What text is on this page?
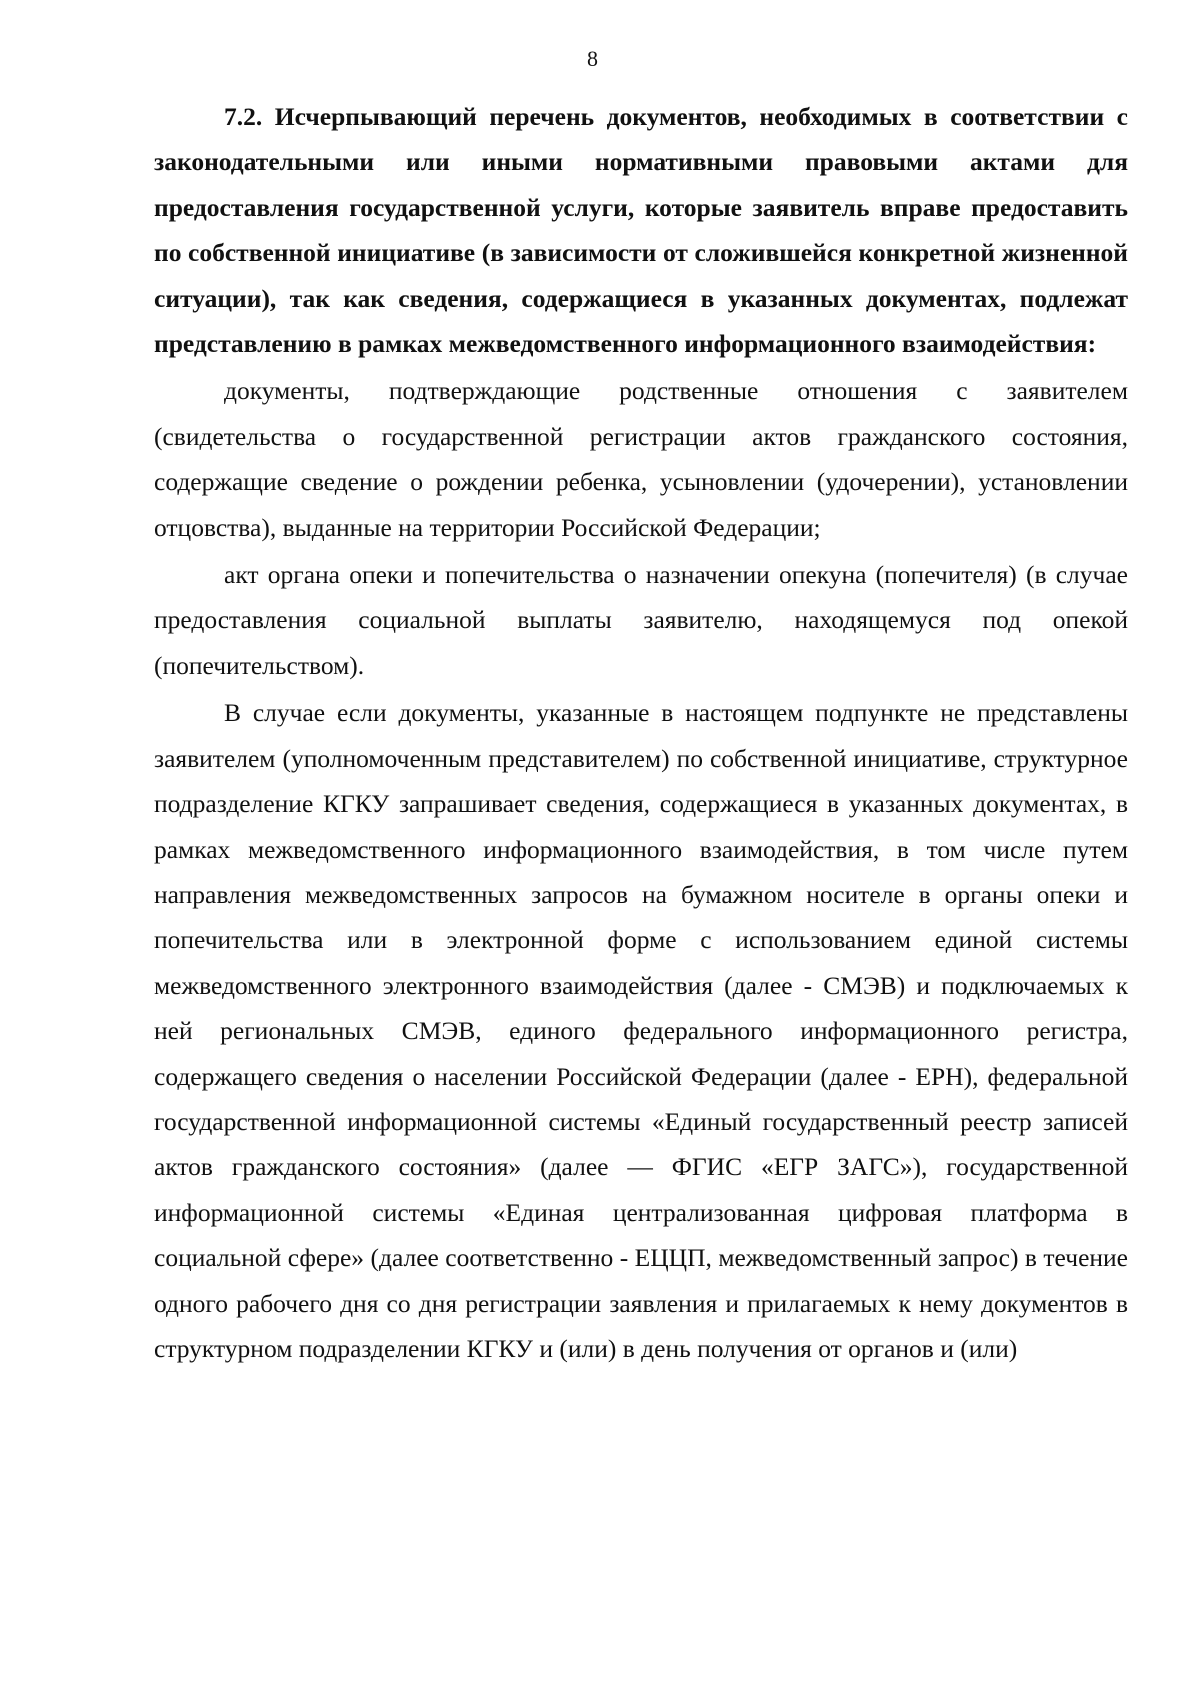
8

7.2. Исчерпывающий перечень документов, необходимых в соответствии с законодательными или иными нормативными правовыми актами для предоставления государственной услуги, которые заявитель вправе предоставить по собственной инициативе (в зависимости от сложившейся конкретной жизненной ситуации), так как сведения, содержащиеся в указанных документах, подлежат представлению в рамках межведомственного информационного взаимодействия:

документы, подтверждающие родственные отношения с заявителем (свидетельства о государственной регистрации актов гражданского состояния, содержащие сведение о рождении ребенка, усыновлении (удочерении), установлении отцовства), выданные на территории Российской Федерации;

акт органа опеки и попечительства о назначении опекуна (попечителя) (в случае предоставления социальной выплаты заявителю, находящемуся под опекой (попечительством).

В случае если документы, указанные в настоящем подпункте не представлены заявителем (уполномоченным представителем) по собственной инициативе, структурное подразделение КГКУ запрашивает сведения, содержащиеся в указанных документах, в рамках межведомственного информационного взаимодействия, в том числе путем направления межведомственных запросов на бумажном носителе в органы опеки и попечительства или в электронной форме с использованием единой системы межведомственного электронного взаимодействия (далее - СМЭВ) и подключаемых к ней региональных СМЭВ, единого федерального информационного регистра, содержащего сведения о населении Российской Федерации (далее - ЕРН), федеральной государственной информационной системы «Единый государственный реестр записей актов гражданского состояния» (далее — ФГИС «ЕГР ЗАГС»), государственной информационной системы «Единая централизованная цифровая платформа в социальной сфере» (далее соответственно - ЕЦЦП, межведомственный запрос) в течение одного рабочего дня со дня регистрации заявления и прилагаемых к нему документов в структурном подразделении КГКУ и (или) в день получения от органов и (или)
